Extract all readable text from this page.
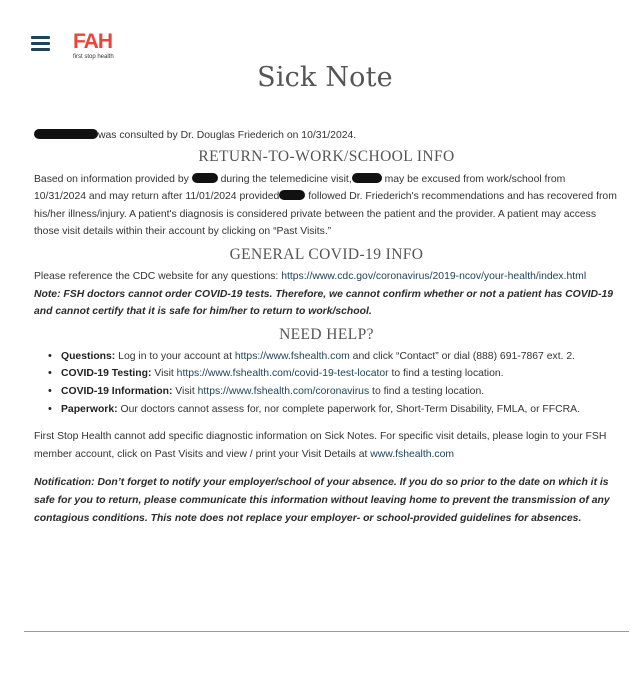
FAH
first stop health
Sick Note

was consulted by Dr. Douglas Friederich on 10/31/2024.

RETURN-TO-WORK/SCHOOL INFO

Based on information provided by	during the telemedicine visit,	may be excused from work/school from 10/31/2024 and may return after 11/01/2024 provided	followed Dr. Friederich's recommendations and has recovered from his/her illness/injury. A patient's diagnosis is considered private between the patient and the provider. A patient may access those visit details within their account by clicking on “Past Visits.”

GENERAL COVID-19 INFO

Please reference the CDC website for any questions: https://www.cdc.gov/coronavirus/2019-ncov/your-health/index.html

Note: FSH doctors cannot order COVID-19 tests. Therefore, we cannot confirm whether or not a patient has COVID-19 and cannot certify that it is safe for him/her to return to work/school.

NEED HELP?
• Questions: Log in to your account at https://www.fshealth.com and click “Contact” or dial (888) 691-7867 ext. 2.
• COVID-19 Testing: Visit https://www.fshealth.com/covid-19-test-locator to find a testing location.
• COVID-19 Information: Visit https://www.fshealth.com/coronavirus to find a testing location.
• Paperwork: Our doctors cannot assess for, nor complete paperwork for, Short-Term Disability, FMLA, or FFCRA.

First Stop Health cannot add specific diagnostic information on Sick Notes. For specific visit details, please login to your FSH member account, click on Past Visits and view / print your Visit Details at www.fshealth.com

Notification: Don’t forget to notify your employer/school of your absence. If you do so prior to the date on which it is safe for you to return, please communicate this information without leaving home to prevent the transmission of any contagious conditions. This note does not replace your employer- or school-provided guidelines for absences.
